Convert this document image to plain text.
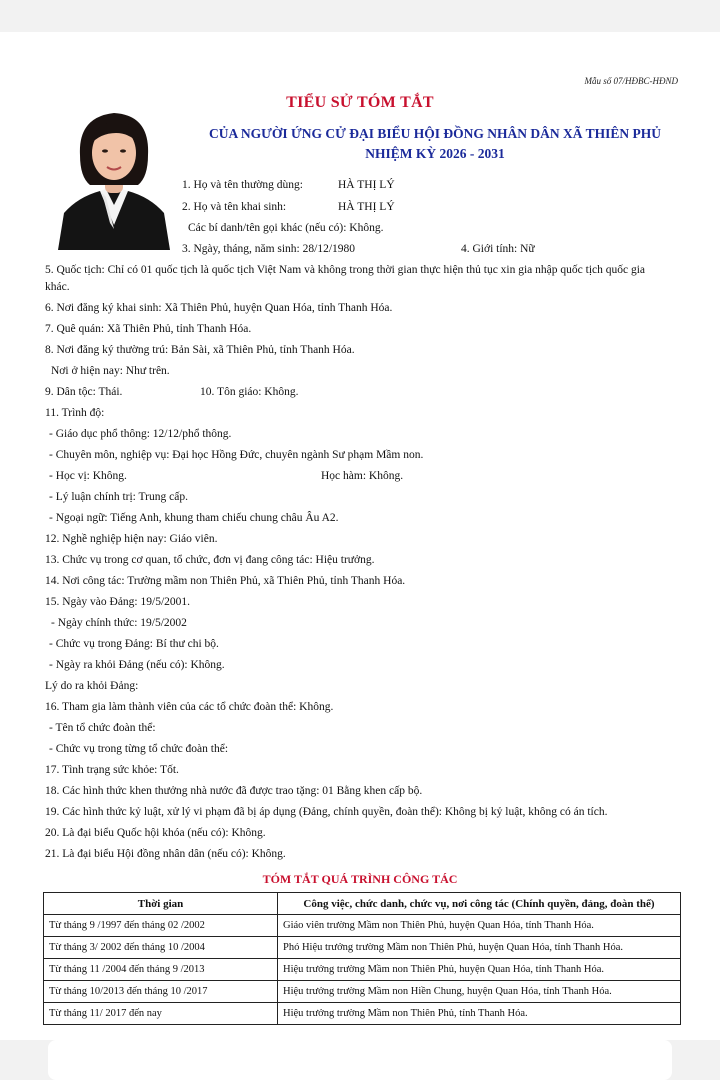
Mẫu số 07/HĐBC-HĐND
TIỂU SỬ TÓM TẮT
CỦA NGƯỜI ỨNG CỬ ĐẠI BIỂU HỘI ĐỒNG NHÂN DÂN XÃ THIÊN PHỦ
NHIỆM KỲ 2026 - 2031
1. Họ và tên thường dùng:	HÀ THỊ LÝ
2. Họ và tên khai sinh:	HÀ THỊ LÝ
Các bí danh/tên gọi khác (nếu có): Không.
3. Ngày, tháng, năm sinh: 28/12/1980	4. Giới tính: Nữ
5. Quốc tịch: Chỉ có 01 quốc tịch là quốc tịch Việt Nam và không trong thời gian thực hiện thủ tục xin gia nhập quốc tịch quốc gia
khác.
6. Nơi đăng ký khai sinh: Xã Thiên Phủ, huyện Quan Hóa, tỉnh Thanh Hóa.
7. Quê quán: Xã Thiên Phủ, tỉnh Thanh Hóa.
8. Nơi đăng ký thường trú: Bản Sài, xã Thiên Phủ, tỉnh Thanh Hóa.
Nơi ở hiện nay: Như trên.
9. Dân tộc: Thái.	10. Tôn giáo: Không.
11. Trình độ:
- Giáo dục phổ thông: 12/12/phổ thông.
- Chuyên môn, nghiệp vụ: Đại học Hồng Đức, chuyên ngành Sư phạm Mầm non.
- Học vị: Không.	Học hàm: Không.
- Lý luận chính trị: Trung cấp.
- Ngoại ngữ: Tiếng Anh, khung tham chiếu chung châu Âu A2.
12. Nghề nghiệp hiện nay: Giáo viên.
13. Chức vụ trong cơ quan, tổ chức, đơn vị đang công tác: Hiệu trưởng.
14. Nơi công tác: Trường mầm non Thiên Phủ, xã Thiên Phủ, tỉnh Thanh Hóa.
15. Ngày vào Đảng: 19/5/2001.
- Ngày chính thức: 19/5/2002
- Chức vụ trong Đảng: Bí thư chi bộ.
- Ngày ra khỏi Đảng (nếu có): Không.
Lý do ra khỏi Đảng:
16. Tham gia làm thành viên của các tổ chức đoàn thể: Không.
- Tên tổ chức đoàn thể:
- Chức vụ trong từng tổ chức đoàn thể:
17. Tình trạng sức khỏe: Tốt.
18. Các hình thức khen thưởng nhà nước đã được trao tặng: 01 Bằng khen cấp bộ.
19. Các hình thức kỷ luật, xử lý vi phạm đã bị áp dụng (Đảng, chính quyền, đoàn thể): Không bị kỷ luật, không có án tích.
20. Là đại biểu Quốc hội khóa (nếu có): Không.
21. Là đại biểu Hội đồng nhân dân (nếu có): Không.
TÓM TẮT QUÁ TRÌNH CÔNG TÁC
Thời gian	Công việc, chức danh, chức vụ, nơi công tác (Chính quyền, đảng, đoàn thể)
Từ tháng 9 /1997 đến tháng 02 /2002	Giáo viên trường Mầm non Thiên Phủ, huyện Quan Hóa, tỉnh Thanh Hóa.
Từ tháng 3/ 2002 đến tháng 10 /2004	Phó Hiệu trưởng trường Mầm non Thiên Phủ, huyện Quan Hóa, tỉnh Thanh Hóa.
Từ tháng 11 /2004 đến tháng 9 /2013	Hiệu trưởng trường Mầm non Thiên Phủ, huyện Quan Hóa, tỉnh Thanh Hóa.
Từ tháng 10/2013 đến tháng 10 /2017	Hiệu trưởng trường Mầm non Hiền Chung, huyện Quan Hóa, tỉnh Thanh Hóa.
Từ tháng 11/ 2017 đến nay	Hiệu trưởng trường Mầm non Thiên Phủ, tỉnh Thanh Hóa.
